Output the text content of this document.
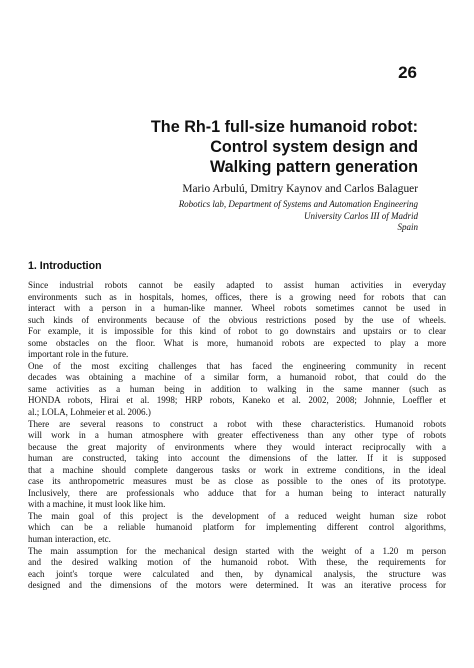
26
The Rh-1 full-size humanoid robot:
Control system design and
Walking pattern generation
Mario Arbulú, Dmitry Kaynov and Carlos Balaguer
Robotics lab, Department of Systems and Automation Engineering
University Carlos III of Madrid
Spain
1. Introduction
Since industrial robots cannot be easily adapted to assist human activities in everyday
environments such as in hospitals, homes, offices, there is a growing need for robots that can
interact with a person in a human-like manner. Wheel robots sometimes cannot be used in
such kinds of environments because of the obvious restrictions posed by the use of wheels.
For example, it is impossible for this kind of robot to go downstairs and upstairs or to clear
some obstacles on the floor. What is more, humanoid robots are expected to play a more
important role in the future.
One of the most exciting challenges that has faced the engineering community in recent
decades was obtaining a machine of a similar form, a humanoid robot, that could do the
same activities as a human being in addition to walking in the same manner (such as
HONDA robots, Hirai et al. 1998; HRP robots, Kaneko et al. 2002, 2008; Johnnie, Loeffler et
al.; LOLA, Lohmeier et al. 2006.)
There are several reasons to construct a robot with these characteristics. Humanoid robots
will work in a human atmosphere with greater effectiveness than any other type of robots
because the great majority of environments where they would interact reciprocally with a
human are constructed, taking into account the dimensions of the latter. If it is supposed
that a machine should complete dangerous tasks or work in extreme conditions, in the ideal
case its anthropometric measures must be as close as possible to the ones of its prototype.
Inclusively, there are professionals who adduce that for a human being to interact naturally
with a machine, it must look like him.
The main goal of this project is the development of a reduced weight human size robot
which can be a reliable humanoid platform for implementing different control algorithms,
human interaction, etc.
The main assumption for the mechanical design started with the weight of a 1.20 m person
and the desired walking motion of the humanoid robot. With these, the requirements for
each joint's torque were calculated and then, by dynamical analysis, the structure was
designed and the dimensions of the motors were determined. It was an iterative process for
